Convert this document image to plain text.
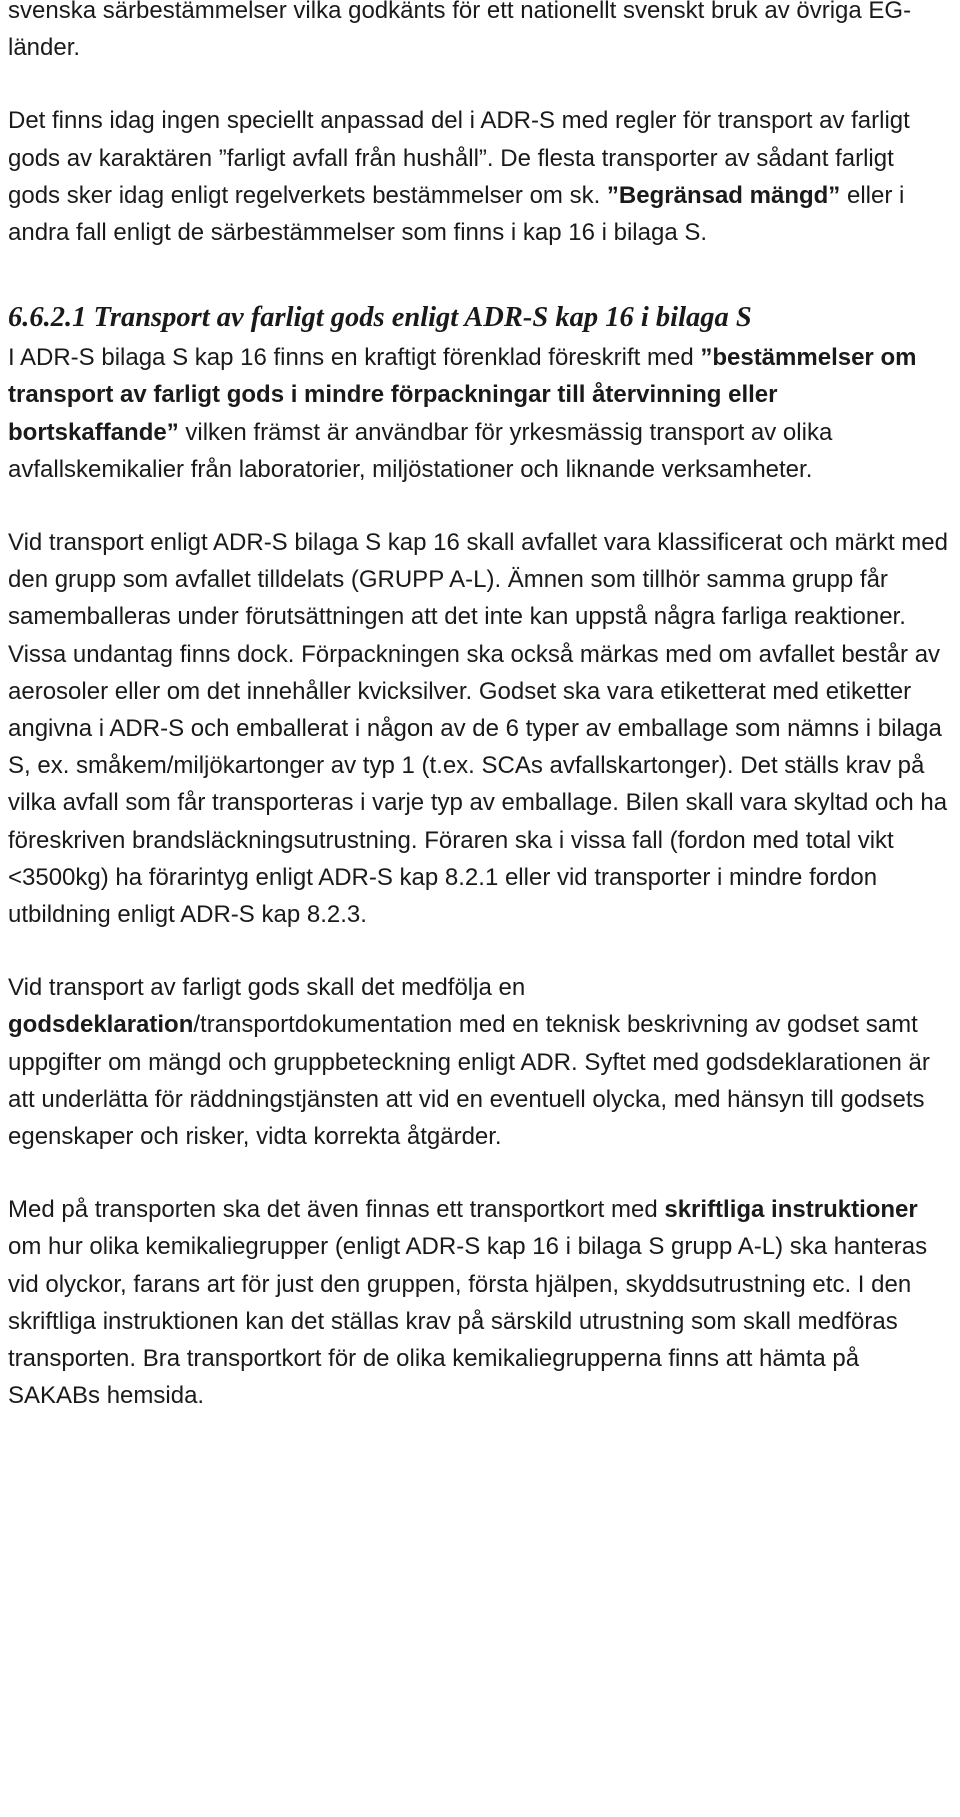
svenska särbestämmelser vilka godkänts för ett nationellt svenskt bruk av övriga EG-länder.

Det finns idag ingen speciellt anpassad del i ADR-S med regler för transport av farligt gods av karaktären ”farligt avfall från hushåll”. De flesta transporter av sådant farligt gods sker idag enligt regelverkets bestämmelser om sk. ”Begränsad mängd” eller i andra fall enligt de särbestämmelser som finns i kap 16 i bilaga S.

6.6.2.1 Transport av farligt gods enligt ADR-S kap 16 i bilaga S

I ADR-S bilaga S kap 16 finns en kraftigt förenklad föreskrift med ”bestämmelser om transport av farligt gods i mindre förpackningar till återvinning eller bortskaffande” vilken främst är användbar för yrkesmässig transport av olika avfallskemikalier från laboratorier, miljöstationer och liknande verksamheter.

Vid transport enligt ADR-S bilaga S kap 16 skall avfallet vara klassificerat och märkt med den grupp som avfallet tilldelats (GRUPP A-L). Ämnen som tillhör samma grupp får samemballeras under förutsättningen att det inte kan uppstå några farliga reaktioner. Vissa undantag finns dock. Förpackningen ska också märkas med om avfallet består av aerosoler eller om det innehåller kvicksilver. Godset ska vara etiketterat med etiketter angivna i ADR-S och emballerat i någon av de 6 typer av emballage som nämns i bilaga S, ex. småkem/miljökartonger av typ 1 (t.ex. SCAs avfallskartonger). Det ställs krav på vilka avfall som får transporteras i varje typ av emballage. Bilen skall vara skyltad och ha föreskriven brandsläckningsutrustning. Föraren ska i vissa fall (fordon med total vikt <3500kg) ha förarintyg enligt ADR-S kap 8.2.1 eller vid transporter i mindre fordon utbildning enligt ADR-S kap 8.2.3.

Vid transport av farligt gods skall det medfölja en godsdeklaration/transportdokumentation med en teknisk beskrivning av godset samt uppgifter om mängd och gruppbeteckning enligt ADR. Syftet med godsdeklarationen är att underlätta för räddningstjänsten att vid en eventuell olycka, med hänsyn till godsets egenskaper och risker, vidta korrekta åtgärder.

Med på transporten ska det även finnas ett transportkort med skriftliga instruktioner om hur olika kemikaliegrupper (enligt ADR-S kap 16 i bilaga S grupp A-L) ska hanteras vid olyckor, farans art för just den gruppen, första hjälpen, skyddsutrustning etc. I den skriftliga instruktionen kan det ställas krav på särskild utrustning som skall medföras transporten. Bra transportkort för de olika kemikaliegrupperna finns att hämta på SAKABs hemsida.
